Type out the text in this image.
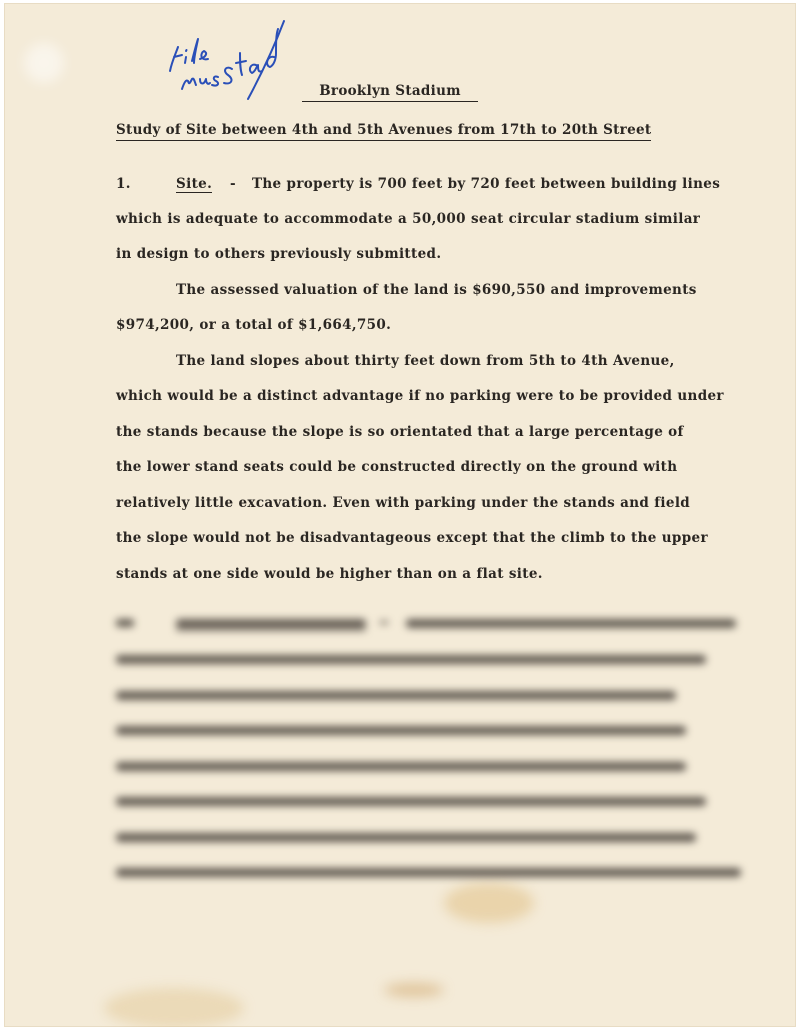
Brooklyn Stadium
Study of Site between 4th and 5th Avenues from 17th to 20th Street
1.	Site. - The property is 700 feet by 720 feet between building lines
which is adequate to accommodate a 50,000 seat circular stadium similar
in design to others previously submitted.
The assessed valuation of the land is $690,550 and improvements
$974,200, or a total of $1,664,750.
The land slopes about thirty feet down from 5th to 4th Avenue,
which would be a distinct advantage if no parking were to be provided under
the stands because the slope is so orientated that a large percentage of
the lower stand seats could be constructed directly on the ground with
relatively little excavation. Even with parking under the stands and field
the slope would not be disadvantageous except that the climb to the upper
stands at one side would be higher than on a flat site.
